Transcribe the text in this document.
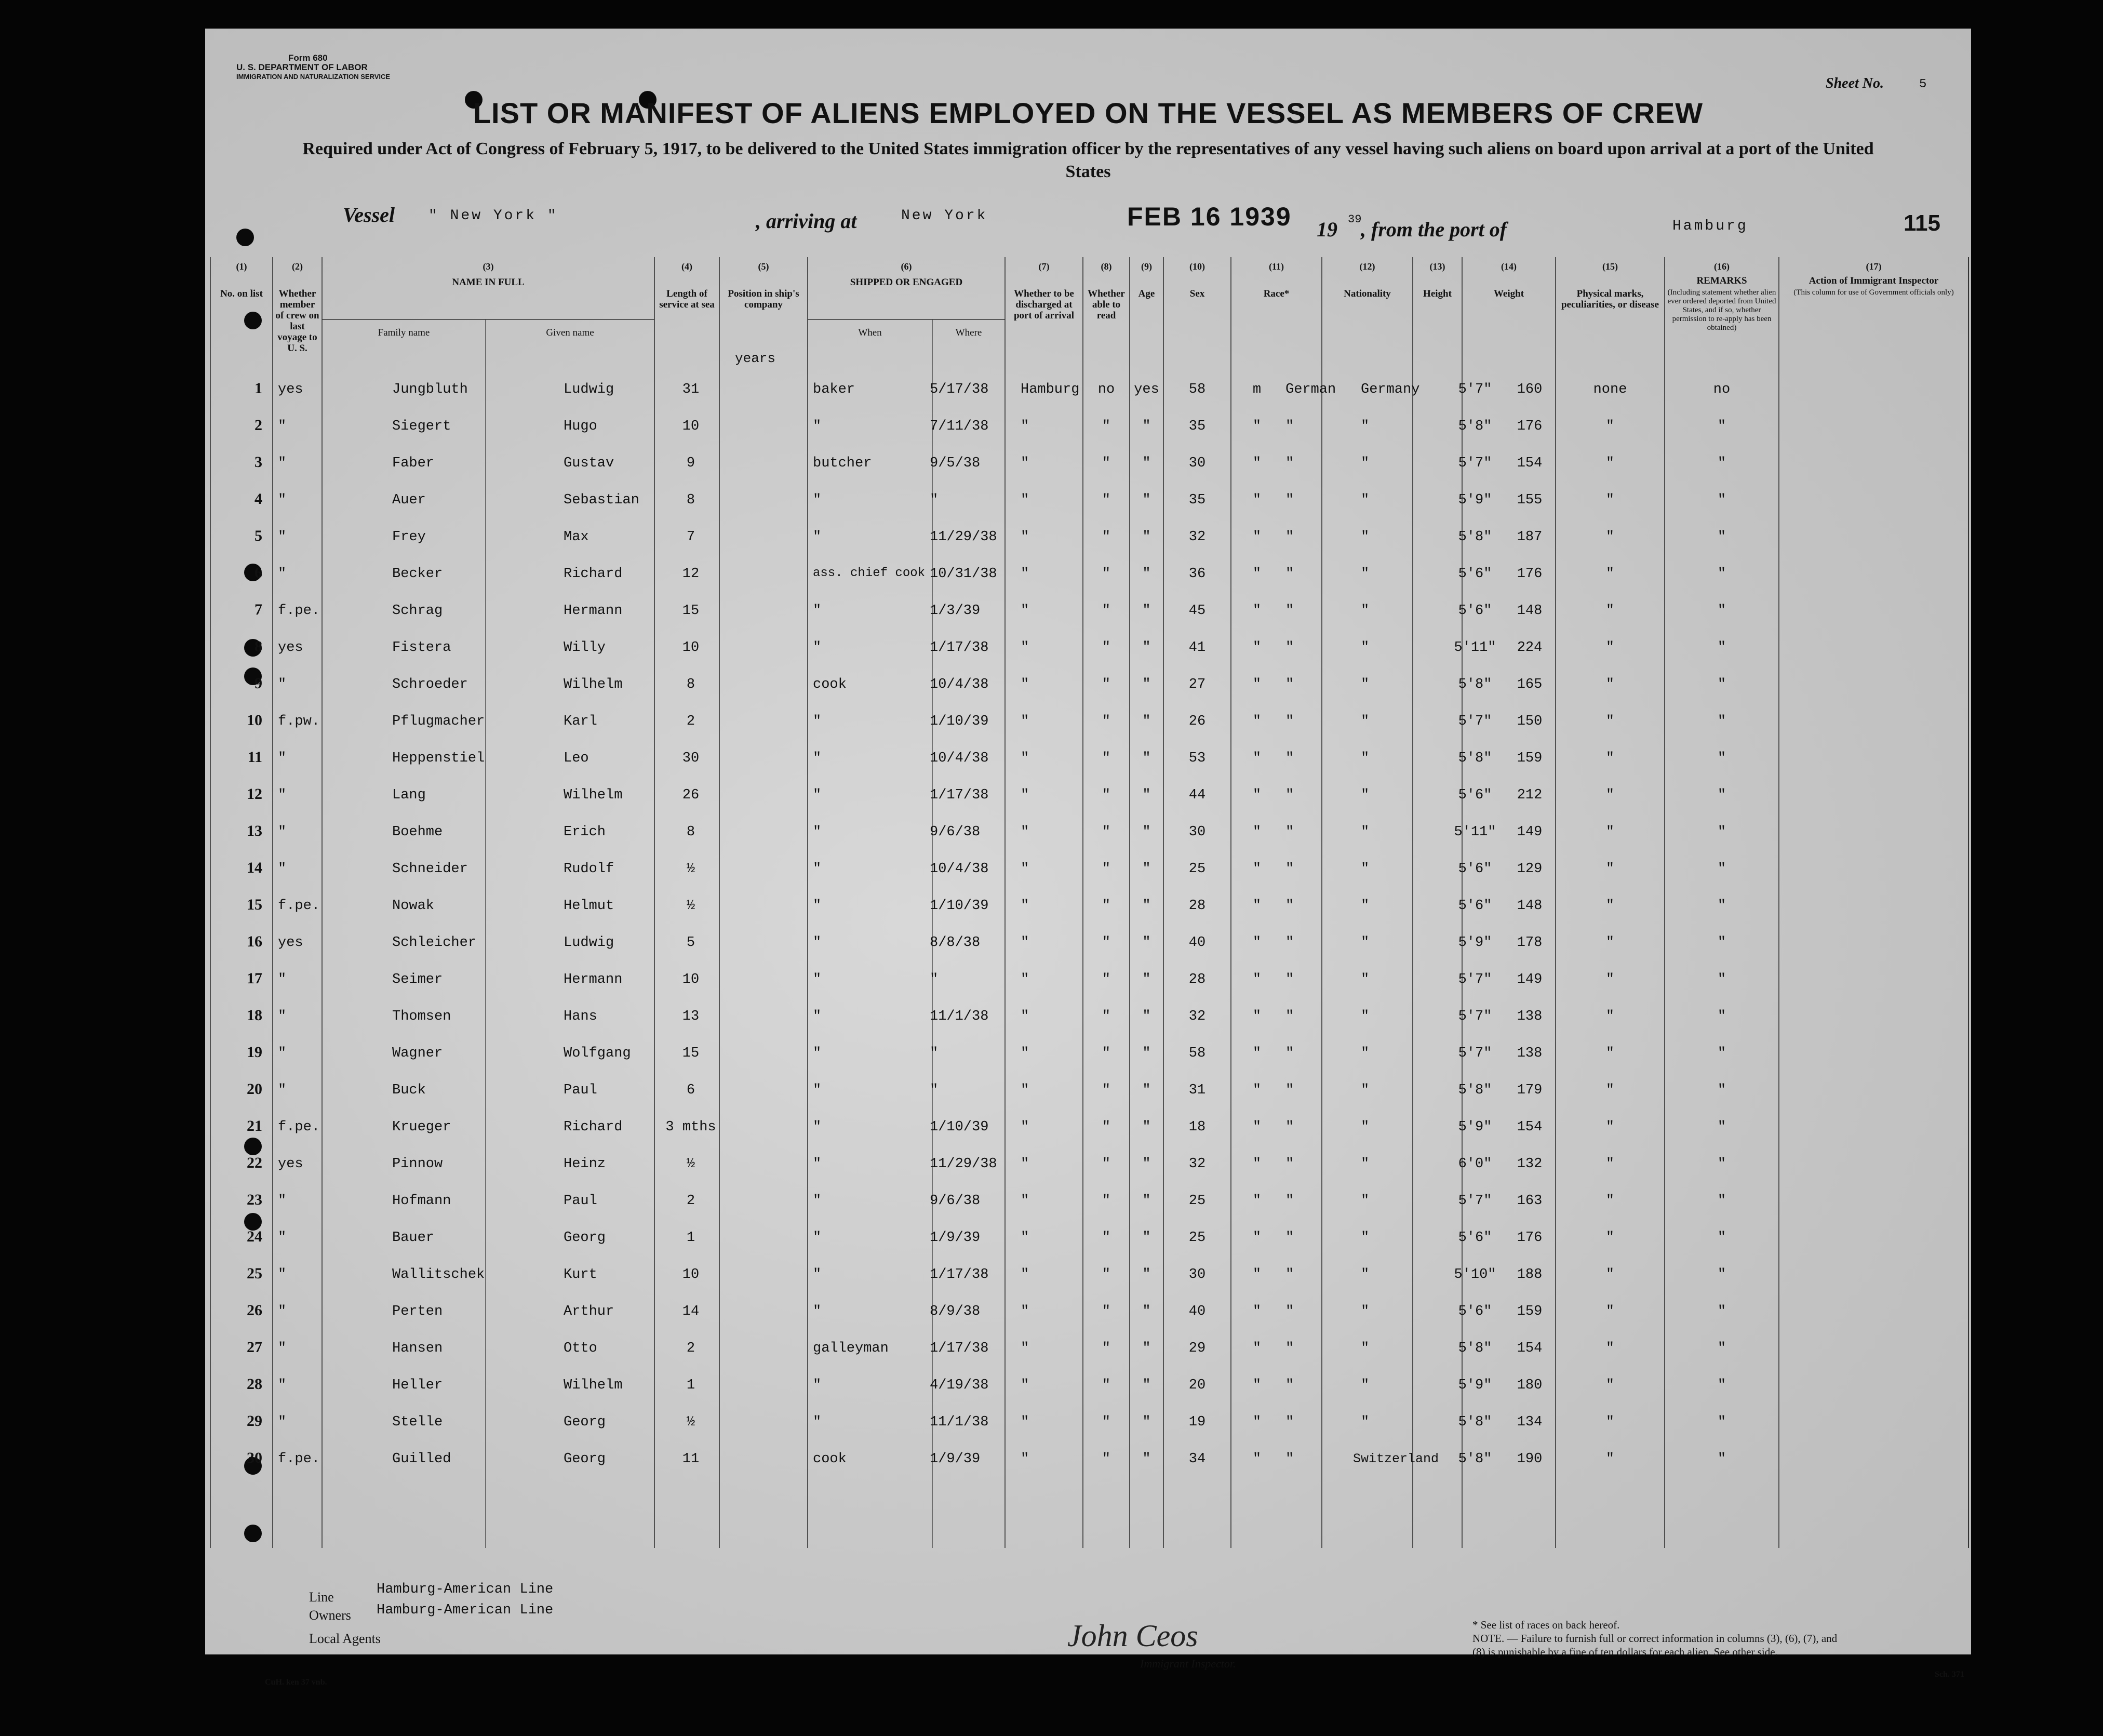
Form 680
U. S. DEPARTMENT OF LABOR
IMMIGRATION AND NATURALIZATION SERVICE
LIST OR MANIFEST OF ALIENS EMPLOYED ON THE VESSEL AS MEMBERS OF CREW
Required under Act of Congress of February 5, 1917, to be delivered to the United States immigration officer by the representatives of any vessel having such aliens on board upon arrival at a port of the United States
Sheet No.	5
Vessel " New York "	, arriving at	New York	FEB 16 1939 19 39
, from the port of	Hamburg	115
(1)
No. on list
(2)
Whether member of crew on last voyage to U. S.
(3)
NAME IN FULL
Family name	Given name
(4)
Length of service at sea
(5)
Position in ship's company
(6)
SHIPPED OR ENGAGED
When	Where
(7)
Whether to be discharged at port of arrival
(8)
Whether able to read
(9)
Age
(10)
Sex
(11)
Race*
(12)
Nationality
(13)
Height
(14)
Weight
(15)
Physical marks, peculiarities, or disease
(16)
REMARKS
(Including statement whether alien ever ordered deported from United States, and if so, whether permission to re-apply has been obtained)
(17)
Action of Immigrant Inspector
(This column for use of Government officials only)
years
1 yes	Jungbluth	Ludwig	31	baker	5/17/38 Hamburg	no	yes	58	m	German Germany	5'7"	160	none	no
2 "	Siegert	Hugo	10	"	7/11/38 "	"	"	35	"	"	"	5'8"	176	"	"
3 "	Faber	Gustav	9	butcher	9/5/38	"	"	"	30	"	"	"	5'7"	154	"	"
4 "	Auer	Sebastian	8	"	"	"	"	"	35	"	"	"	5'9"	155	"	"
5 "	Frey	Max	7	"	11/29/38 "	"	"	32	"	"	"	5'8"	187	"	"
6 "	Becker	Richard	12	ass. chief cook 10/31/38 "	"	"	36	"	"	"	5'6"	176	"	"
7 f.pe.	Schrag	Hermann	15	"	1/3/39	"	"	"	45	"	"	"	5'6"	148	"	"
8 yes	Fistera	Willy	10	"	1/17/38 "	"	"	41	"	"	"	5'11"	224	"	"
9 "	Schroeder	Wilhelm	8	cook	10/4/38 "	"	"	27	"	"	"	5'8"	165	"	"
10 f.pw.	Pflugmacher	Karl	2	"	1/10/39 "	"	"	26	"	"	"	5'7"	150	"	"
11 "	Heppenstiel	Leo	30	"	10/4/38 "	"	"	53	"	"	"	5'8"	159	"	"
12 "	Lang	Wilhelm	26	"	1/17/38 "	"	"	44	"	"	"	5'6"	212	"	"
13 "	Boehme	Erich	8	"	9/6/38	"	"	"	30	"	"	"	5'11"	149	"	"
14 "	Schneider	Rudolf	½	"	10/4/38 "	"	"	25	"	"	"	5'6"	129	"	"
15 f.pe.	Nowak	Helmut	½	"	1/10/39 "	"	"	28	"	"	"	5'6"	148	"	"
16 yes	Schleicher	Ludwig	5	"	8/8/38	"	"	"	40	"	"	"	5'9"	178	"	"
17 "	Seimer	Hermann	10	"	"	"	"	"	28	"	"	"	5'7"	149	"	"
18 "	Thomsen	Hans	13	"	11/1/38 "	"	"	32	"	"	"	5'7"	138	"	"
19 "	Wagner	Wolfgang	15	"	"	"	"	"	58	"	"	"	5'7"	138	"	"
20 "	Buck	Paul	6	"	"	"	"	"	31	"	"	"	5'8"	179	"	"
21 f.pe.	Krueger	Richard	3 mths	"	1/10/39 "	"	"	18	"	"	"	5'9"	154	"	"
22 yes	Pinnow	Heinz	½	"	11/29/38 "	"	"	32	"	"	"	6'0"	132	"	"
23 "	Hofmann	Paul	2	"	9/6/38	"	"	"	25	"	"	"	5'7"	163	"	"
24 "	Bauer	Georg	1	"	1/9/39	"	"	"	25	"	"	"	5'6"	176	"	"
25 "	Wallitschek	Kurt	10	"	1/17/38 "	"	"	30	"	"	"	5'10"	188	"	"
26 "	Perten	Arthur	14	"	8/9/38	"	"	"	40	"	"	"	5'6"	159	"	"
27 "	Hansen	Otto	2	galleyman	1/17/38 "	"	"	29	"	"	"	5'8"	154	"	"
28 "	Heller	Wilhelm	1	"	4/19/38 "	"	"	20	"	"	"	5'9"	180	"	"
29 "	Stelle	Georg	½	"	11/1/38 "	"	"	19	"	"	"	5'8"	134	"	"
30 f.pe.	Guilled	Georg	11	cook	1/9/39	"	"	"	34	"	"	Switzerland	5'8"	190	"	"
Line	Hamburg-American Line
Owners Hamburg-American Line
Local Agents	John Ceos
Immigrant Inspector.
* See list of races on back hereof.
NOTE. — Failure to furnish full or correct information in columns (3), (6), (7), and (8) is punishable by a fine of ten dollars for each alien. See other side.
Sch. 371
CuH. ken 37 vnb.
